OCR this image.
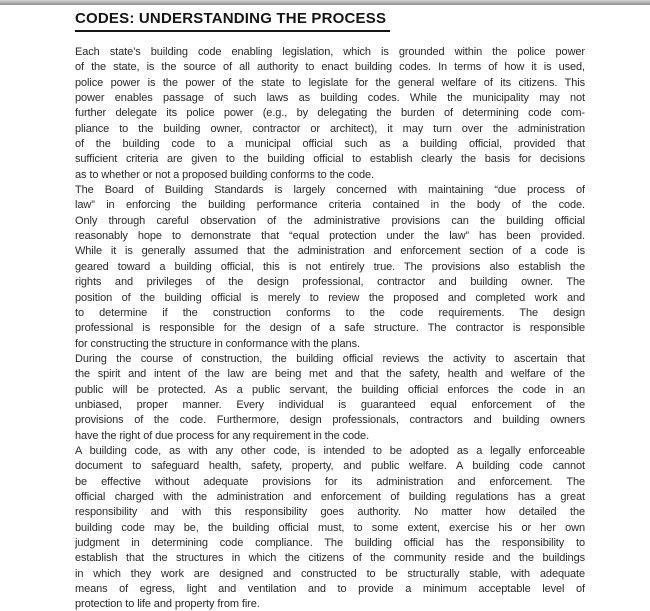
CODES: UNDERSTANDING THE PROCESS
Each state’s building code enabling legislation, which is grounded within the police power
of the state, is the source of all authority to enact building codes. In terms of how it is used,
police power is the power of the state to legislate for the general welfare of its citizens. This
power enables passage of such laws as building codes. While the municipality may not
further delegate its police power (e.g., by delegating the burden of determining code com-
pliance to the building owner, contractor or architect), it may turn over the administration
of the building code to a municipal official such as a building official, provided that
sufficient criteria are given to the building official to establish clearly the basis for decisions
as to whether or not a proposed building conforms to the code.
The Board of Building Standards is largely concerned with maintaining “due process of
law” in enforcing the building performance criteria contained in the body of the code.
Only through careful observation of the administrative provisions can the building official
reasonably hope to demonstrate that “equal protection under the law” has been provided.
While it is generally assumed that the administration and enforcement section of a code is
geared toward a building official, this is not entirely true. The provisions also establish the
rights and privileges of the design professional, contractor and building owner. The
position of the building official is merely to review the proposed and completed work and
to determine if the construction conforms to the code requirements. The design
professional is responsible for the design of a safe structure. The contractor is responsible
for constructing the structure in conformance with the plans.
During the course of construction, the building official reviews the activity to ascertain that
the spirit and intent of the law are being met and that the safety, health and welfare of the
public will be protected. As a public servant, the building official enforces the code in an
unbiased, proper manner. Every individual is guaranteed equal enforcement of the
provisions of the code. Furthermore, design professionals, contractors and building owners
have the right of due process for any requirement in the code.
A building code, as with any other code, is intended to be adopted as a legally enforceable
document to safeguard health, safety, property, and public welfare. A building code cannot
be effective without adequate provisions for its administration and enforcement. The
official charged with the administration and enforcement of building regulations has a great
responsibility and with this responsibility goes authority. No matter how detailed the
building code may be, the building official must, to some extent, exercise his or her own
judgment in determining code compliance. The building official has the responsibility to
establish that the structures in which the citizens of the community reside and the buildings
in which they work are designed and constructed to be structurally stable, with adequate
means of egress, light and ventilation and to provide a minimum acceptable level of
protection to life and property from fire.
